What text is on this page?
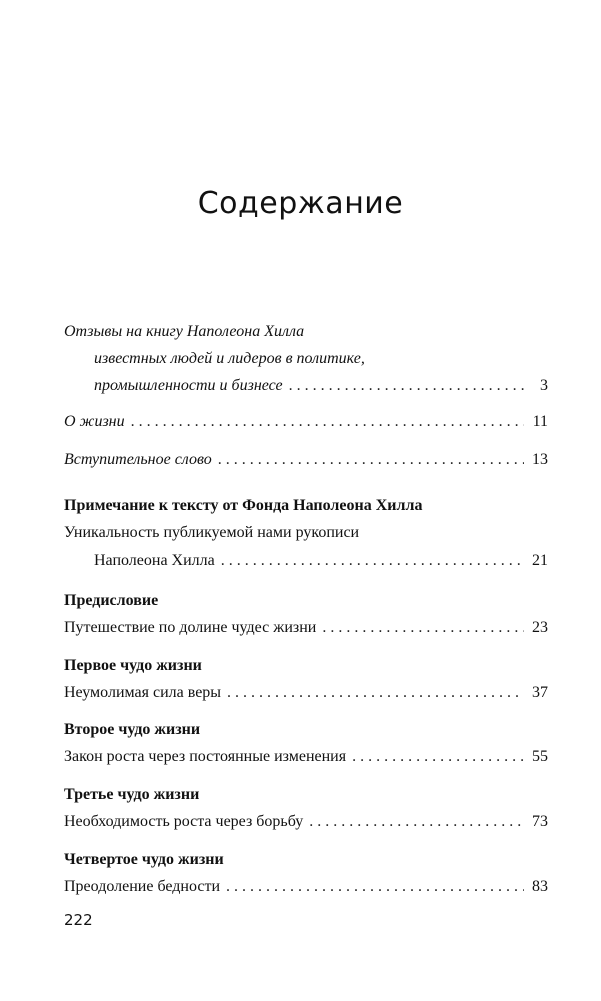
Содержание
Отзывы на книгу Наполеона Хилла
известных людей и лидеров в политике,
промышленности и бизнесе . . .	3
О жизни . . .	11
Вступительное слово . . .	13
Примечание к тексту от Фонда Наполеона Хилла
Уникальность публикуемой нами рукописи
Наполеона Хилла . . .	21
Предисловие
Путешествие по долине чудес жизни . . .	23
Первое чудо жизни
Неумолимая сила веры . . .	37
Второе чудо жизни
Закон роста через постоянные изменения . . .	55
Третье чудо жизни
Необходимость роста через борьбу . . .	73
Четвертое чудо жизни
Преодоление бедности . . .	83
222
